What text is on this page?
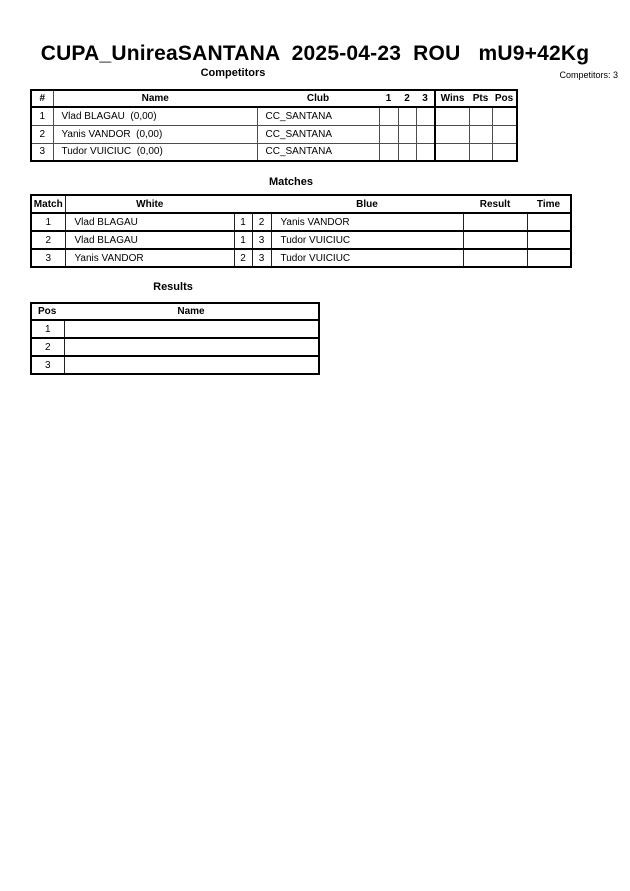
CUPA_UnireaSANTANA  2025-04-23  ROU   mU9+42Kg
Competitors	Competitors: 3
#	Name	Club	1	2	3	Wins	Pts	Pos
1	Vlad BLAGAU  (0,00)	CC_SANTANA						
2	Yanis VANDOR  (0,00)	CC_SANTANA						
3	Tudor VUICIUC  (0,00)	CC_SANTANA						
Matches
Match	White			Blue	Result	Time
1	Vlad BLAGAU	1	2	Yanis VANDOR		
2	Vlad BLAGAU	1	3	Tudor VUICIUC		
3	Yanis VANDOR	2	3	Tudor VUICIUC		
Results
Pos	Name
1	
2	
3	
